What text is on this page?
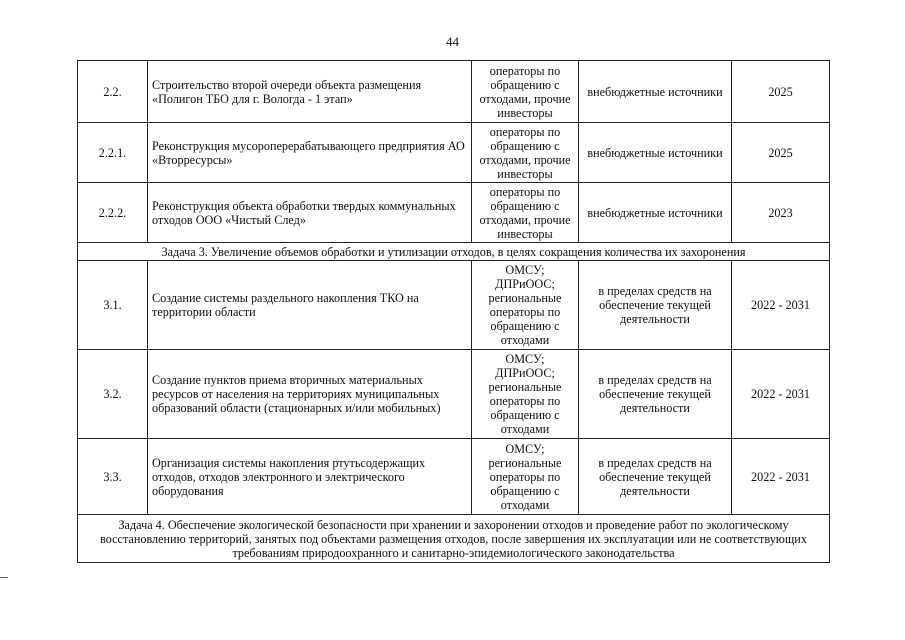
44
2.2.	Строительство второй очереди объекта размещения «Полигон ТБО для г. Вологда - 1 этап»	операторы по обращению с отходами, прочие инвесторы	внебюджетные источники	2025
2.2.1.	Реконструкция мусороперерабатывающего предприятия АО «Вторресурсы»	операторы по обращению с отходами, прочие инвесторы	внебюджетные источники	2025
2.2.2.	Реконструкция объекта обработки твердых коммунальных отходов ООО «Чистый След»	операторы по обращению с отходами, прочие инвесторы	внебюджетные источники	2023
Задача 3. Увеличение объемов обработки и утилизации отходов, в целях сокращения количества их захоронения				
3.1.	Создание системы раздельного накопления ТКО на территории области	ОМСУ; ДПРиООС; региональные операторы по обращению с отходами	в пределах средств на обеспечение текущей деятельности	2022 - 2031
3.2.	Создание пунктов приема вторичных материальных ресурсов от населения на территориях муниципальных образований области (стационарных и/или мобильных)	ОМСУ; ДПРиООС; региональные операторы по обращению с отходами	в пределах средств на обеспечение текущей деятельности	2022 - 2031
3.3.	Организация системы накопления ртутьсодержащих отходов, отходов электронного и электрического оборудования	ОМСУ; региональные операторы по обращению с отходами	в пределах средств на обеспечение текущей деятельности	2022 - 2031
Задача 4. Обеспечение экологической безопасности при хранении и захоронении отходов и проведение работ по экологическому восстановлению территорий, занятых под объектами размещения отходов, после завершения их эксплуатации или не соответствующих требованиям природоохранного и санитарно-эпидемиологического законодательства				
